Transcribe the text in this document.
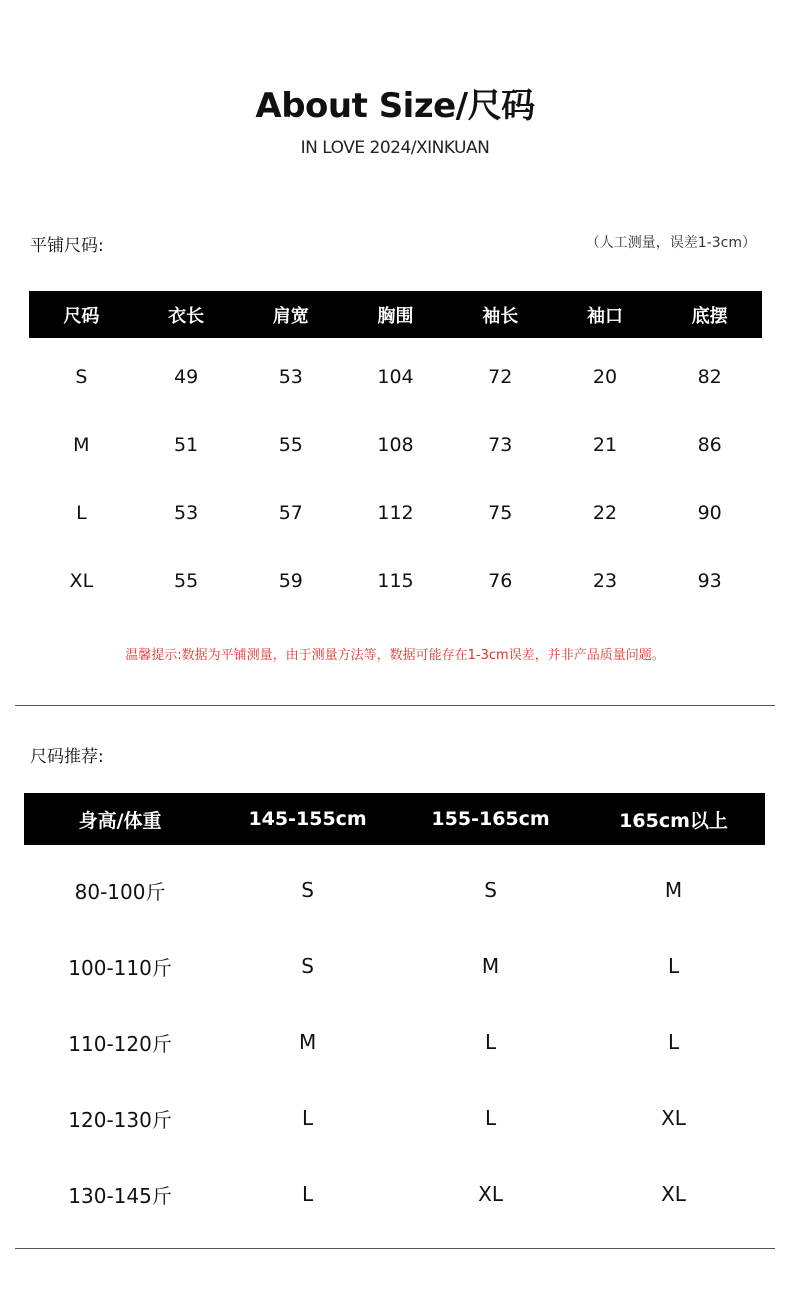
About Size/尺码
IN LOVE 2024/XINKUAN
平铺尺码:	（人工测量，误差1-3cm）
尺码	衣长	肩宽	胸围	袖长	袖口	底摆
S	49	53	104	72	20	82
M	51	55	108	73	21	86
L	53	57	112	75	22	90
XL	55	59	115	76	23	93
温馨提示:数据为平铺测量，由于测量方法等，数据可能存在1-3cm误差，并非产品质量问题。
尺码推荐:
身高/体重	145-155cm	155-165cm	165cm以上
80-100斤	S	S	M
100-110斤	S	M	L
110-120斤	M	L	L
120-130斤	L	L	XL
130-145斤	L	XL	XL
